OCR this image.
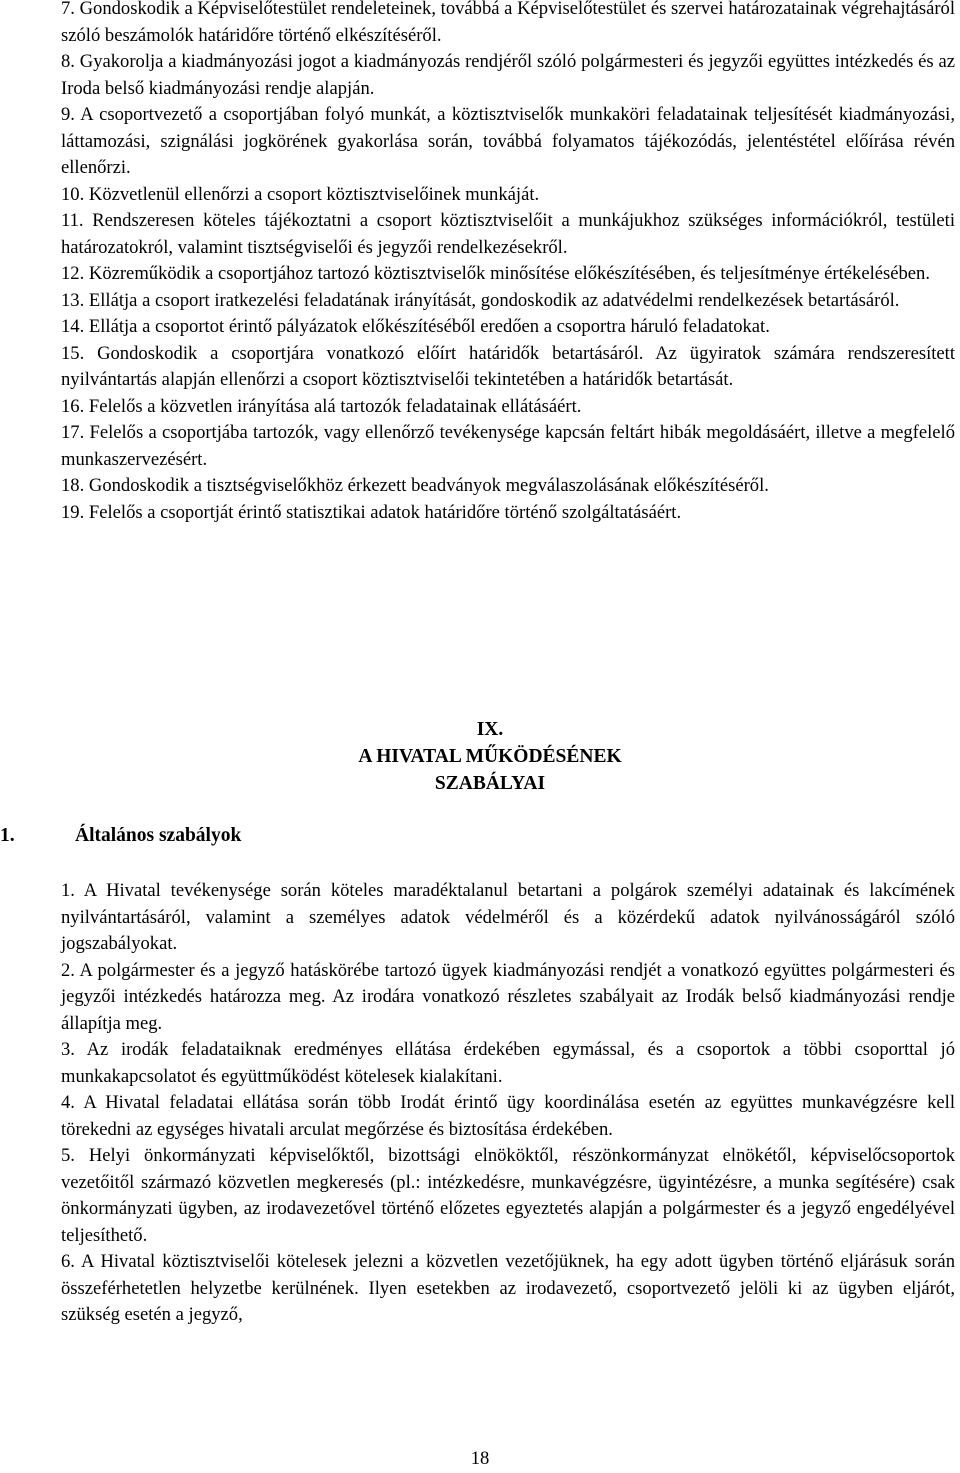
7. Gondoskodik a Képviselőtestület rendeleteinek, továbbá a Képviselőtestület és szervei határozatainak végrehajtásáról szóló beszámolók határidőre történő elkészítéséről.

8. Gyakorolja a kiadmányozási jogot a kiadmányozás rendjéről szóló polgármesteri és jegyzői együttes intézkedés és az Iroda belső kiadmányozási rendje alapján.

9. A csoportvezető a csoportjában folyó munkát, a köztisztviselők munkaköri feladatainak teljesítését kiadmányozási, láttamozási, szignálási jogkörének gyakorlása során, továbbá folyamatos tájékozódás, jelentéstétel előírása révén ellenőrzi.

10. Közvetlenül ellenőrzi a csoport köztisztviselőinek munkáját.

11. Rendszeresen köteles tájékoztatni a csoport köztisztviselőit a munkájukhoz szükséges információkról, testületi határozatokról, valamint tisztségviselői és jegyzői rendelkezésekről.

12. Közreműködik a csoportjához tartozó köztisztviselők minősítése előkészítésében, és teljesítménye értékelésében.

13. Ellátja a csoport iratkezelési feladatának irányítását, gondoskodik az adatvédelmi rendelkezések betartásáról.

14. Ellátja a csoportot érintő pályázatok előkészítéséből eredően a csoportra háruló feladatokat.

15. Gondoskodik a csoportjára vonatkozó előírt határidők betartásáról. Az ügyiratok számára rendszeresített nyilvántartás alapján ellenőrzi a csoport köztisztviselői tekintetében a határidők betartását.

16. Felelős a közvetlen irányítása alá tartozók feladatainak ellátásáért.

17. Felelős a csoportjába tartozók, vagy ellenőrző tevékenysége kapcsán feltárt hibák megoldásáért, illetve a megfelelő munkaszervezésért.

18. Gondoskodik a tisztségviselőkhöz érkezett beadványok megválaszolásának előkészítéséről.

19. Felelős a csoportját érintő statisztikai adatok határidőre történő szolgáltatásáért.

IX.

A HIVATAL MŰKÖDÉSÉNEK

SZABÁLYAI

1.	Általános szabályok

1. A Hivatal tevékenysége során köteles maradéktalanul betartani a polgárok személyi adatainak és lakcímének nyilvántartásáról, valamint a személyes adatok védelméről és a közérdekű adatok nyilvánosságáról szóló jogszabályokat.

2. A polgármester és a jegyző hatáskörébe tartozó ügyek kiadmányozási rendjét a vonatkozó együttes polgármesteri és jegyzői intézkedés határozza meg. Az irodára vonatkozó részletes szabályait az Irodák belső kiadmányozási rendje állapítja meg.

3. Az irodák feladataiknak eredményes ellátása érdekében egymással, és a csoportok a többi csoporttal jó munkakapcsolatot és együttműködést kötelesek kialakítani.

4. A Hivatal feladatai ellátása során több Irodát érintő ügy koordinálása esetén az együttes munkavégzésre kell törekedni az egységes hivatali arculat megőrzése és biztosítása érdekében.

5. Helyi önkormányzati képviselőktől, bizottsági elnököktől, részönkormányzat elnökétől, képviselőcsoportok vezetőitől származó közvetlen megkeresés (pl.: intézkedésre, munkavégzésre, ügyintézésre, a munka segítésére) csak önkormányzati ügyben, az irodavezetővel történő előzetes egyeztetés alapján a polgármester és a jegyző engedélyével teljesíthető.

6. A Hivatal köztisztviselői kötelesek jelezni a közvetlen vezetőjüknek, ha egy adott ügyben történő eljárásuk során összeférhetetlen helyzetbe kerülnének. Ilyen esetekben az irodavezető, csoportvezető jelöli ki az ügyben eljárót, szükség esetén a jegyző,

18
